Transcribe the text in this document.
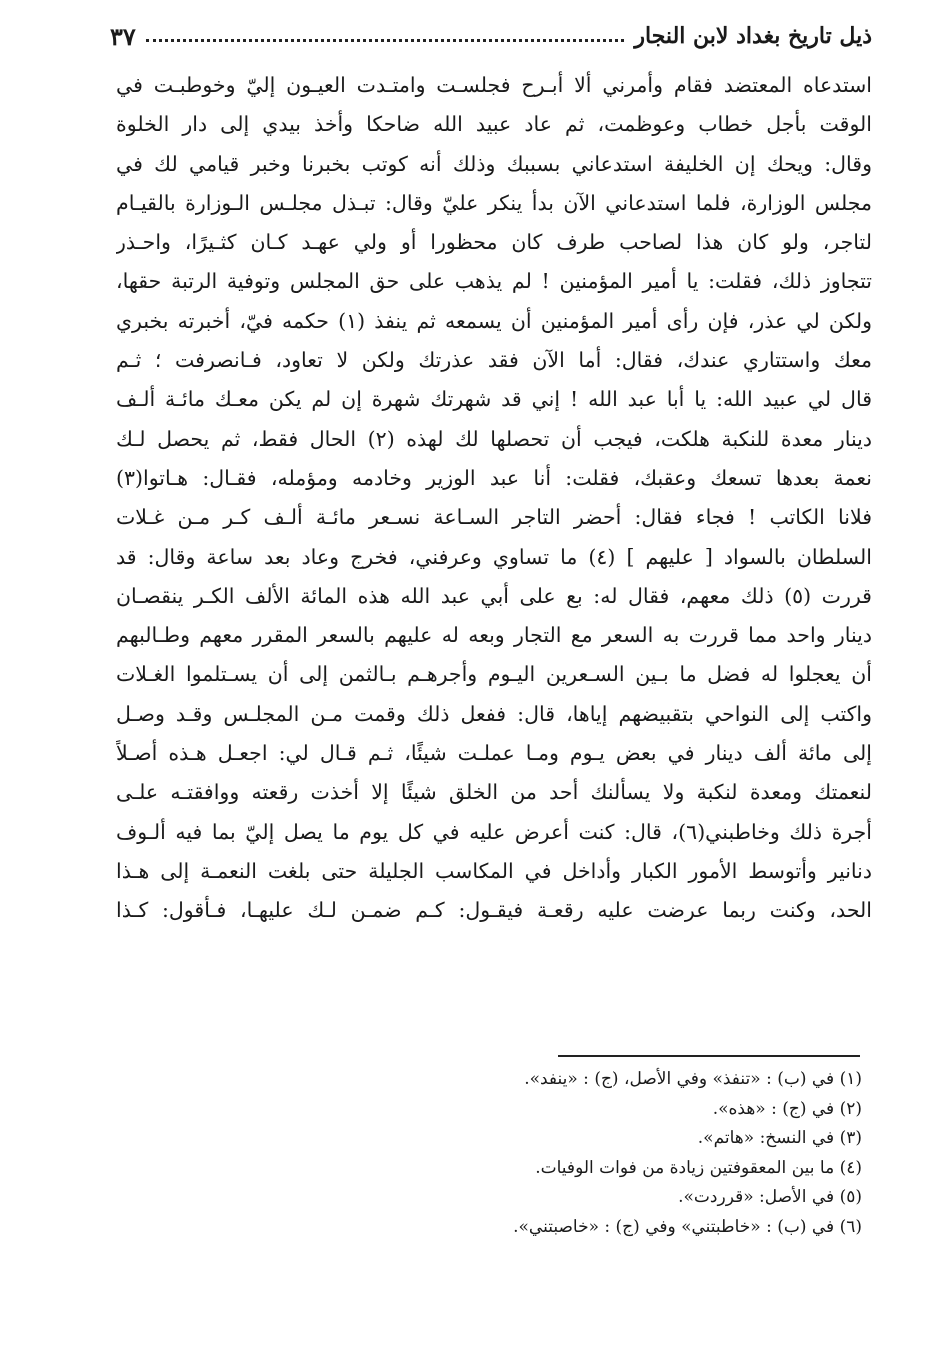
ذيل تاريخ بغداد لابن النجار
٣٧
استدعاه المعتضد فقام وأمرني ألا أبـرح فجلسـت وامتـدت العيـون إليّ وخوطبـت في
الوقت بأجل خطاب وعوظمت، ثم عاد عبيد الله ضاحكا وأخذ بيدي إلى دار الخلوة
وقال: ويحك إن الخليفة استدعاني بسببك وذلك أنه كوتب بخبرنا وخبر قيامي لك في
مجلس الوزارة، فلما استدعاني الآن بدأ ينكر عليّ وقال: تبـذل مجلـس الـوزارة بالقيـام
لتاجر، ولو كان هذا لصاحب طرف كان محظورا أو ولي عهـد كـان كثـيرًا، واحـذر
تتجاوز ذلك، فقلت: يا أمير المؤمنين ! لم يذهب على حق المجلس وتوفية الرتبة حقها،
ولكن لي عذر، فإن رأى أمير المؤمنين أن يسمعه ثم ينفذ (١) حكمه فيّ، أخبرته بخبري
معك واستتاري عندك، فقال: أما الآن فقد عذرتك ولكن لا تعاود، فـانصرفت ؛ ثـم
قال لي عبيد الله: يا أبا عبد الله ! إني قد شهرتك شهرة إن لم يكن معـك مائـة ألـف
دينار معدة للنكبة هلكت، فيجب أن تحصلها لك لهذه (٢) الحال فقط، ثم يحصل لـك
نعمة بعدها تسعك وعقبك، فقلت: أنا عبد الوزير وخادمه ومؤمله، فقـال: هـاتوا(٣)
فلانا الكاتب ! فجاء فقال: أحضر التاجر السـاعة نسـعر مائـة ألـف كـر مـن غـلات
السلطان بالسواد [ عليهم ] (٤) ما تساوي وعرفني، فخرج وعاد بعد ساعة وقال: قد
قررت (٥) ذلك معهم، فقال له: بع على أبي عبد الله هذه المائة الألف الكـر ينقصـان
دينار واحد مما قررت به السعر مع التجار وبعه له عليهم بالسعر المقرر معهم وطـالبهم
أن يعجلوا له فضل ما بـين السـعرين اليـوم وأجرهـم بـالثمن إلى أن يسـتلموا الغـلات
واكتب إلى النواحي بتقبيضهم إياها، قال: ففعل ذلك وقمت مـن المجلـس وقـد وصـل
إلى مائة ألف دينار في بعض يـوم ومـا عملـت شيئًا، ثـم قـال لي: اجعـل هـذه أصـلاً
لنعمتك ومعدة لنكبة ولا يسألنك أحد من الخلق شيئًا إلا أخذت رقعته ووافقتـه علـى
أجرة ذلك وخاطبني(٦)، قال: كنت أعرض عليه في كل يوم ما يصل إليّ بما فيه ألـوف
دنانير وأتوسط الأمور الكبار وأداخل في المكاسب الجليلة حتى بلغت النعمـة إلى هـذا
الحد، وكنت ربما عرضت عليه رقعـة فيقـول: كـم ضمـن لـك عليهـا، فـأقول: كـذا
(١) في (ب) : «تنفذ» وفي الأصل، (ج) : «ينفد».
(٢) في (ج) : «هذه».
(٣) في النسخ: «هاتم».
(٤) ما بين المعقوفتين زيادة من فوات الوفيات.
(٥) في الأصل: «قرردت».
(٦) في (ب) : «خاطبتني» وفي (ج) : «خاصبتني».
